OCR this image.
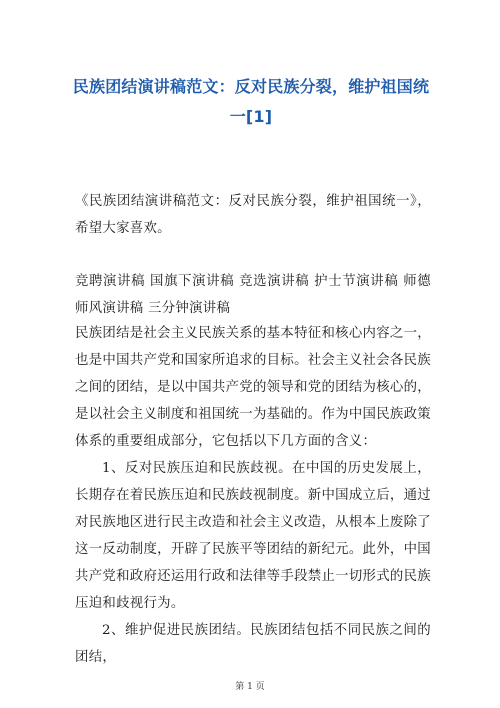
民族团结演讲稿范文：反对民族分裂，维护祖国统一[1]

《民族团结演讲稿范文：反对民族分裂，维护祖国统一》，希望大家喜欢。

竞聘演讲稿 国旗下演讲稿 竞选演讲稿 护士节演讲稿 师德师风演讲稿 三分钟演讲稿

民族团结是社会主义民族关系的基本特征和核心内容之一，也是中国共产党和国家所追求的目标。社会主义社会各民族之间的团结，是以中国共产党的领导和党的团结为核心的，是以社会主义制度和祖国统一为基础的。作为中国民族政策体系的重要组成部分，它包括以下几方面的含义：

1、反对民族压迫和民族歧视。在中国的历史发展上，长期存在着民族压迫和民族歧视制度。新中国成立后，通过对民族地区进行民主改造和社会主义改造，从根本上废除了这一反动制度，开辟了民族平等团结的新纪元。此外，中国共产党和政府还运用行政和法律等手段禁止一切形式的民族压迫和歧视行为。

2、维护促进民族团结。民族团结包括不同民族之间的团结，

第 1 页
